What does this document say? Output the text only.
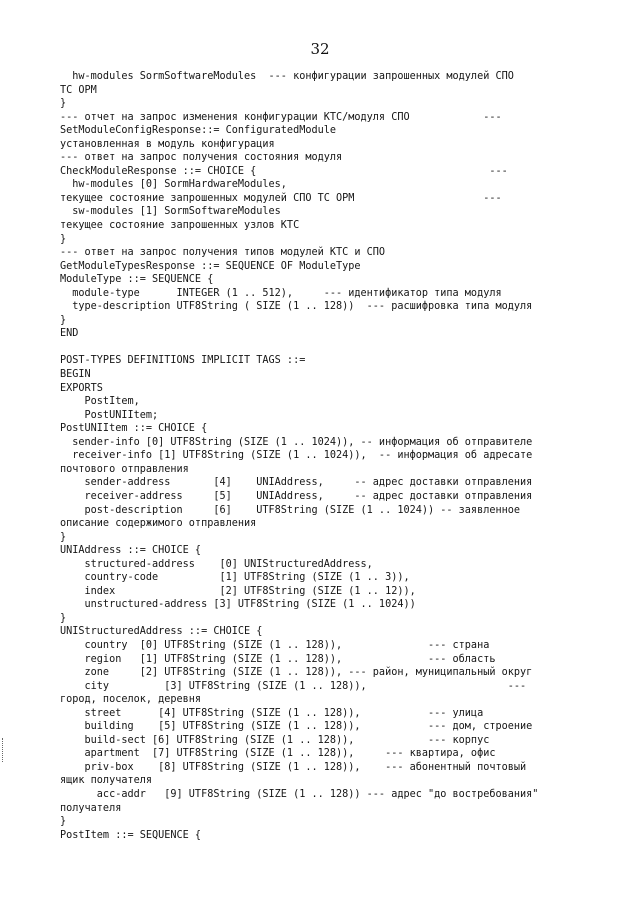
32
hw-modules SormSoftwareModules  --- конфигурации запрошенных модулей СПО
ТС ОРМ
}
--- отчет на запрос изменения конфигурации КТС/модуля СПО            ---
SetModuleConfigResponse::= ConfiguratedModule
установленная в модуль конфигурация
--- ответ на запрос получения состояния модуля
CheckModuleResponse ::= CHOICE {                                      ---
hw-modules [0] SormHardwareModules,
текущее состояние запрошенных модулей СПО ТС ОРМ                     ---
sw-modules [1] SormSoftwareModules
текущее состояние запрошенных узлов КТС
}
--- ответ на запрос получения типов модулей КТС и СПО
GetModuleTypesResponse ::= SEQUENCE OF ModuleType
ModuleType ::= SEQUENCE {
module-type      INTEGER (1 .. 512),     --- идентификатор типа модуля
type-description UTF8String ( SIZE (1 .. 128))  --- расшифровка типа модуля
}
END
POST-TYPES DEFINITIONS IMPLICIT TAGS ::=
BEGIN
EXPORTS
PostItem,
PostUNIItem;
PostUNIItem ::= CHOICE {
sender-info [0] UTF8String (SIZE (1 .. 1024)), -- информация об отправителе
receiver-info [1] UTF8String (SIZE (1 .. 1024)),  -- информация об адресате
почтового отправления
sender-address       [4]    UNIAddress,     -- адрес доставки отправления
receiver-address     [5]    UNIAddress,     -- адрес доставки отправления
post-description     [6]    UTF8String (SIZE (1 .. 1024)) -- заявленное
описание содержимого отправления
}
UNIAddress ::= CHOICE {
structured-address    [0] UNIStructuredAddress,
country-code          [1] UTF8String (SIZE (1 .. 3)),
index                 [2] UTF8String (SIZE (1 .. 12)),
unstructured-address [3] UTF8String (SIZE (1 .. 1024))
}
UNIStructuredAddress ::= CHOICE {
country  [0] UTF8String (SIZE (1 .. 128)),              --- страна
region   [1] UTF8String (SIZE (1 .. 128)),              --- область
zone     [2] UTF8String (SIZE (1 .. 128)), --- район, муниципальный округ
city         [3] UTF8String (SIZE (1 .. 128)),                       ---
город, поселок, деревня
street      [4] UTF8String (SIZE (1 .. 128)),           --- улица
building    [5] UTF8String (SIZE (1 .. 128)),           --- дом, строение
build-sect [6] UTF8String (SIZE (1 .. 128)),            --- корпус
apartment  [7] UTF8String (SIZE (1 .. 128)),     --- квартира, офис
priv-box    [8] UTF8String (SIZE (1 .. 128)),    --- абонентный почтовый
ящик получателя
acc-addr   [9] UTF8String (SIZE (1 .. 128)) --- адрес "до востребования"
получателя
}
PostItem ::= SEQUENCE {
